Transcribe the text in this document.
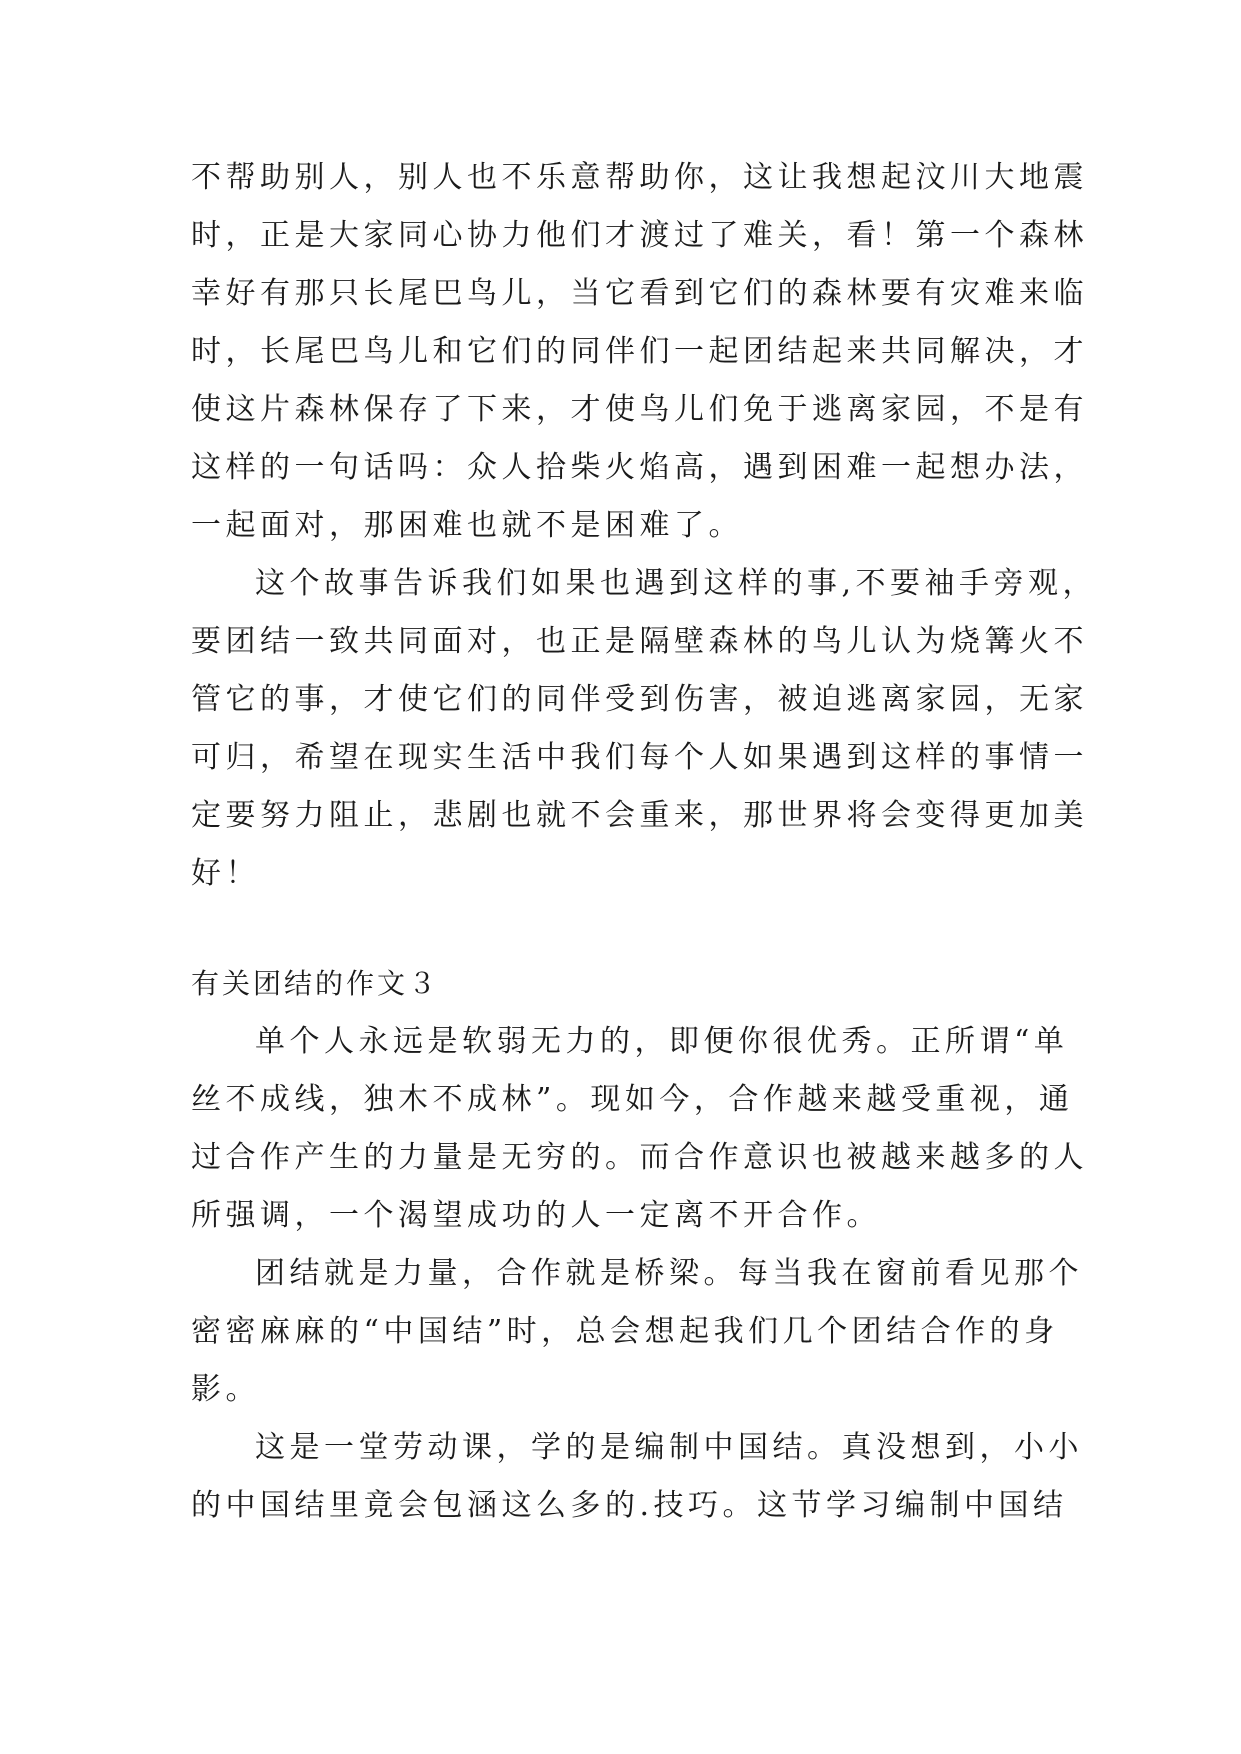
不帮助别人，别人也不乐意帮助你，这让我想起汶川大地震
时，正是大家同心协力他们才渡过了难关，看！第一个森林
幸好有那只长尾巴鸟儿，当它看到它们的森林要有灾难来临
时，长尾巴鸟儿和它们的同伴们一起团结起来共同解决，才
使这片森林保存了下来，才使鸟儿们免于逃离家园，不是有
这样的一句话吗：众人拾柴火焰高，遇到困难一起想办法，
一起面对，那困难也就不是困难了。
这个故事告诉我们如果也遇到这样的事,不要袖手旁观，
要团结一致共同面对，也正是隔壁森林的鸟儿认为烧篝火不
管它的事，才使它们的同伴受到伤害，被迫逃离家园，无家
可归，希望在现实生活中我们每个人如果遇到这样的事情一
定要努力阻止，悲剧也就不会重来，那世界将会变得更加美
好！
有关团结的作文３
单个人永远是软弱无力的，即便你很优秀。正所谓“单
丝不成线，独木不成林”。现如今，合作越来越受重视，通
过合作产生的力量是无穷的。而合作意识也被越来越多的人
所强调，一个渴望成功的人一定离不开合作。
团结就是力量，合作就是桥梁。每当我在窗前看见那个
密密麻麻的“中国结”时，总会想起我们几个团结合作的身
影。
这是一堂劳动课，学的是编制中国结。真没想到，小小
的中国结里竟会包涵这么多的.技巧。这节学习编制中国结
